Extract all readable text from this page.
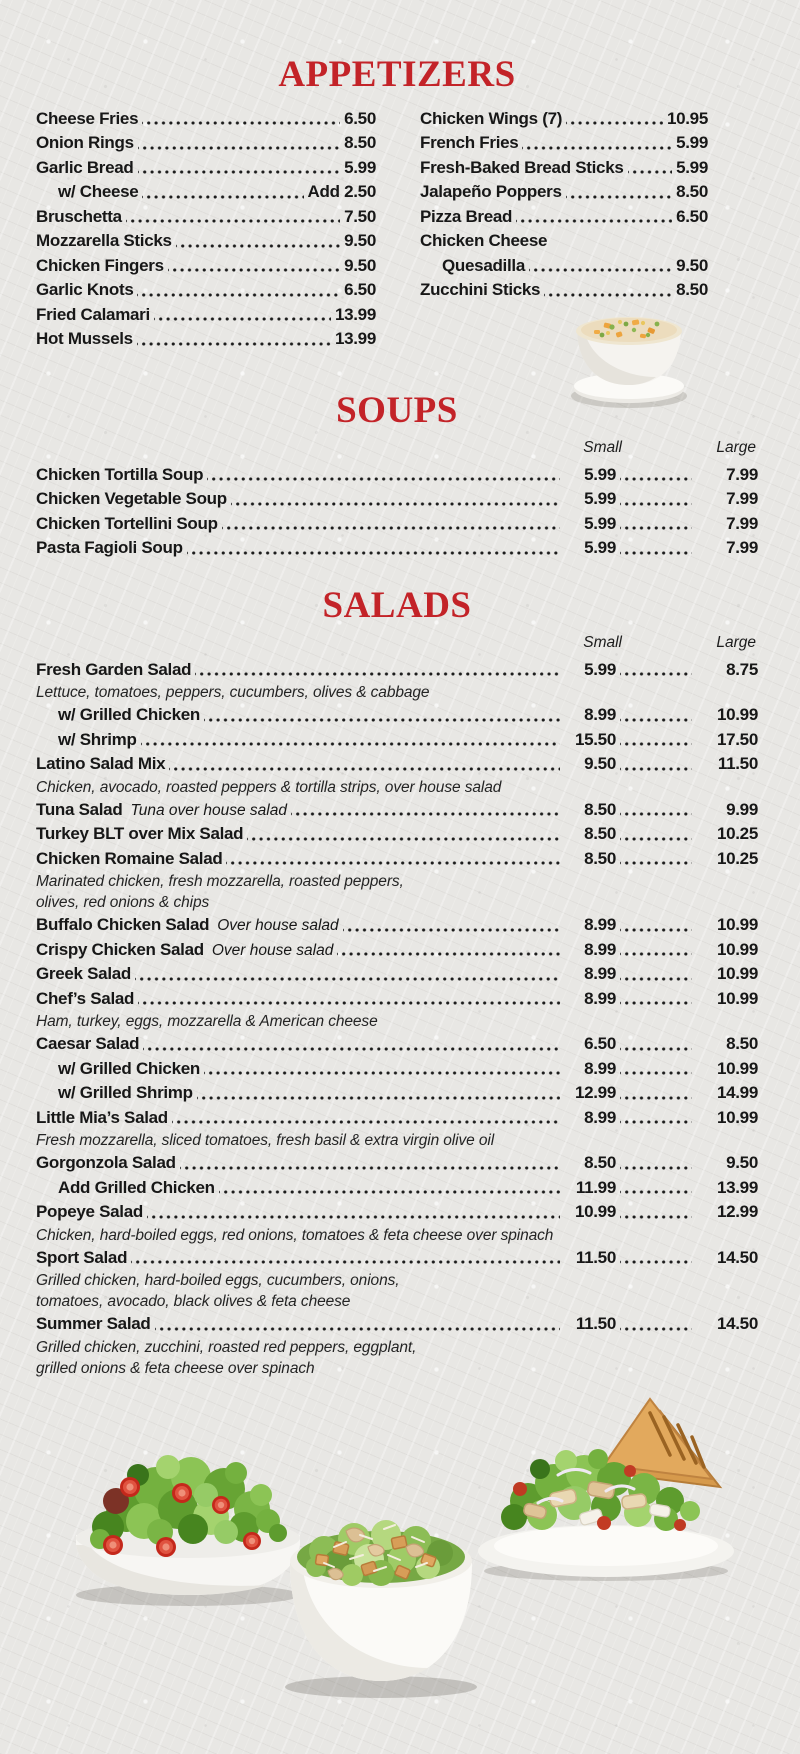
APPETIZERS
Cheese Fries	6.50
Onion Rings	8.50
Garlic Bread	5.99
w/ Cheese	Add 2.50
Bruschetta	7.50
Mozzarella Sticks	9.50
Chicken Fingers	9.50
Garlic Knots	6.50
Fried Calamari	13.99
Hot Mussels	13.99
Chicken Wings (7)	10.95
French Fries	5.99
Fresh-Baked Bread Sticks	5.99
Jalapeño Poppers	8.50
Pizza Bread	6.50
Chicken Cheese
Quesadilla	9.50
Zucchini Sticks	8.50
SOUPS
Small	Large
Chicken Tortilla Soup	5.99	7.99
Chicken Vegetable Soup	5.99	7.99
Chicken Tortellini Soup	5.99	7.99
Pasta Fagioli Soup	5.99	7.99
SALADS
Small	Large
Fresh Garden Salad	5.99	8.75
Lettuce, tomatoes, peppers, cucumbers, olives & cabbage
w/ Grilled Chicken	8.99	10.99
w/ Shrimp	15.50	17.50
Latino Salad Mix	9.50	11.50
Chicken, avocado, roasted peppers & tortilla strips, over house salad
Tuna Salad Tuna over house salad	8.50	9.99
Turkey BLT over Mix Salad	8.50	10.25
Chicken Romaine Salad	8.50	10.25
Marinated chicken, fresh mozzarella, roasted peppers,
olives, red onions & chips
Buffalo Chicken Salad Over house salad	8.99	10.99
Crispy Chicken Salad Over house salad	8.99	10.99
Greek Salad	8.99	10.99
Chef’s Salad	8.99	10.99
Ham, turkey, eggs, mozzarella & American cheese
Caesar Salad	6.50	8.50
w/ Grilled Chicken	8.99	10.99
w/ Grilled Shrimp	12.99	14.99
Little Mia’s Salad	8.99	10.99
Fresh mozzarella, sliced tomatoes, fresh basil & extra virgin olive oil
Gorgonzola Salad	8.50	9.50
Add Grilled Chicken	11.99	13.99
Popeye Salad	10.99	12.99
Chicken, hard-boiled eggs, red onions, tomatoes & feta cheese over spinach
Sport Salad	11.50	14.50
Grilled chicken, hard-boiled eggs, cucumbers, onions,
tomatoes, avocado, black olives & feta cheese
Summer Salad	11.50	14.50
Grilled chicken, zucchini, roasted red peppers, eggplant,
grilled onions & feta cheese over spinach
